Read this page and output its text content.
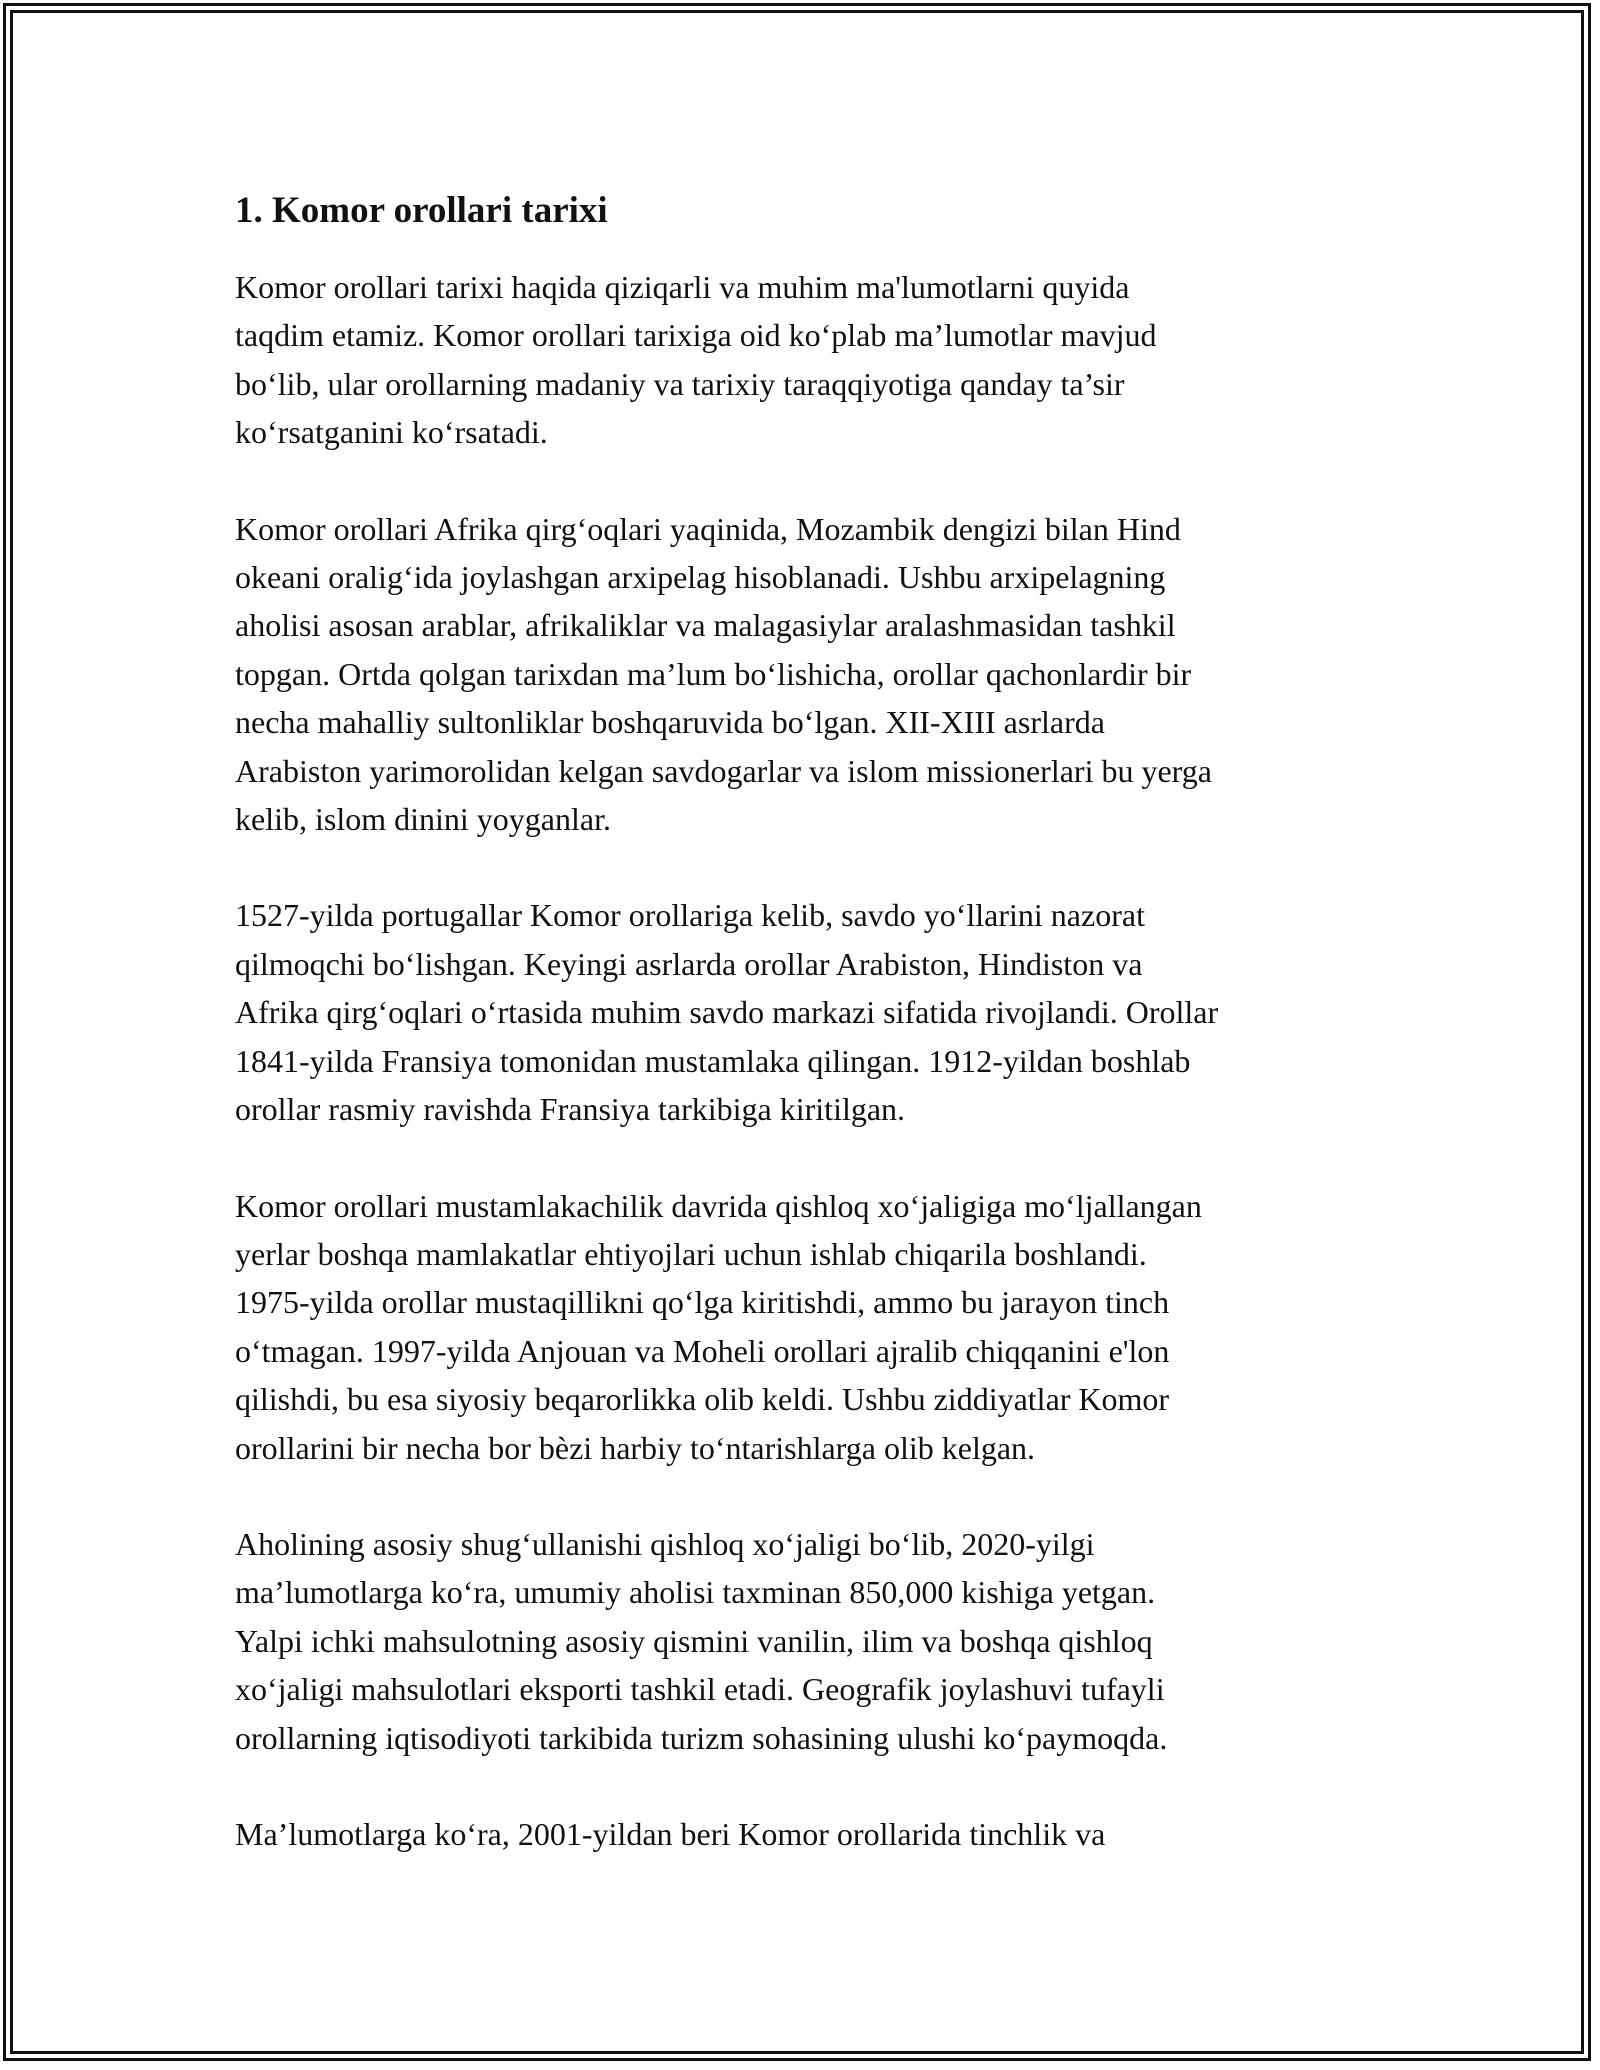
1. Komor orollari tarixi

Komor orollari tarixi haqida qiziqarli va muhim ma'lumotlarni quyida
taqdim etamiz. Komor orollari tarixiga oid ko‘plab ma’lumotlar mavjud
bo‘lib, ular orollarning madaniy va tarixiy taraqqiyotiga qanday ta’sir
ko‘rsatganini ko‘rsatadi.

Komor orollari Afrika qirg‘oqlari yaqinida, Mozambik dengizi bilan Hind
okeani oralig‘ida joylashgan arxipelag hisoblanadi. Ushbu arxipelagning
aholisi asosan arablar, afrikaliklar va malagasiylar aralashmasidan tashkil
topgan. Ortda qolgan tarixdan ma’lum bo‘lishicha, orollar qachonlardir bir
necha mahalliy sultonliklar boshqaruvida bo‘lgan. XII-XIII asrlarda
Arabiston yarimorolidan kelgan savdogarlar va islom missionerlari bu yerga
kelib, islom dinini yoyganlar.

1527-yilda portugallar Komor orollariga kelib, savdo yo‘llarini nazorat
qilmoqchi bo‘lishgan. Keyingi asrlarda orollar Arabiston, Hindiston va
Afrika qirg‘oqlari o‘rtasida muhim savdo markazi sifatida rivojlandi. Orollar
1841-yilda Fransiya tomonidan mustamlaka qilingan. 1912-yildan boshlab
orollar rasmiy ravishda Fransiya tarkibiga kiritilgan.

Komor orollari mustamlakachilik davrida qishloq xo‘jaligiga mo‘ljallangan
yerlar boshqa mamlakatlar ehtiyojlari uchun ishlab chiqarila boshlandi.
1975-yilda orollar mustaqillikni qo‘lga kiritishdi, ammo bu jarayon tinch
o‘tmagan. 1997-yilda Anjouan va Moheli orollari ajralib chiqqanini e'lon
qilishdi, bu esa siyosiy beqarorlikka olib keldi. Ushbu ziddiyatlar Komor
orollarini bir necha bor bèzi harbiy to‘ntarishlarga olib kelgan.

Aholining asosiy shug‘ullanishi qishloq xo‘jaligi bo‘lib, 2020-yilgi
ma’lumotlarga ko‘ra, umumiy aholisi taxminan 850,000 kishiga yetgan.
Yalpi ichki mahsulotning asosiy qismini vanilin, ilim va boshqa qishloq
xo‘jaligi mahsulotlari eksporti tashkil etadi. Geografik joylashuvi tufayli
orollarning iqtisodiyoti tarkibida turizm sohasining ulushi ko‘paymoqda.

Ma’lumotlarga ko‘ra, 2001-yildan beri Komor orollarida tinchlik va
